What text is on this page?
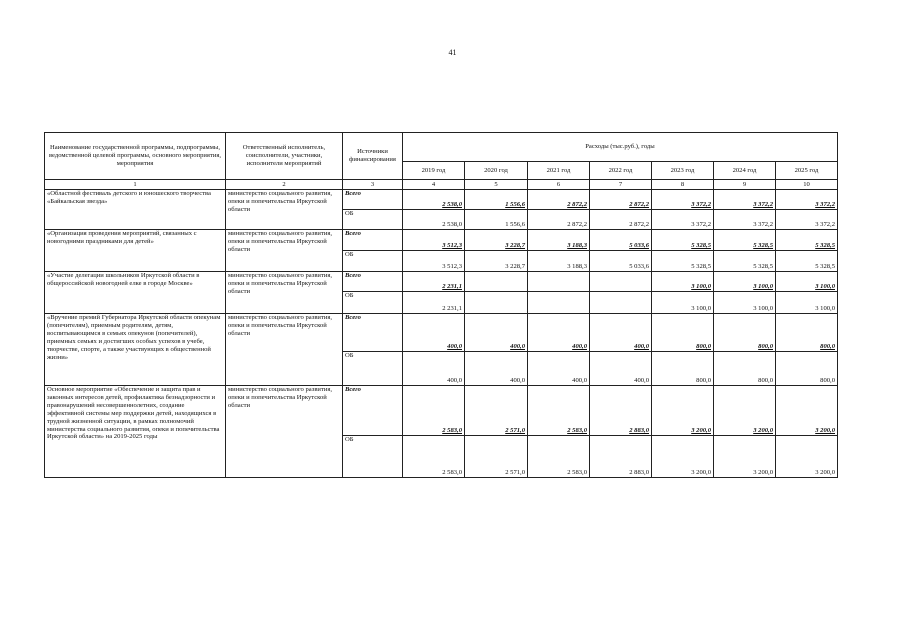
41
Наименование государственной программы, подпрограммы, ведомственной целевой программы, основного мероприятия, мероприятия	Ответственный исполнитель, соисполнители, участники, исполнители мероприятий	Источники финансирования	Расходы (тыс.руб.), годы						
			2019 год	2020 год	2021 год	2022 год	2023 год	2024 год	2025 год
1	2	3	4	5	6	7	8	9	10
«Областной фестиваль детского и юношеского творчества «Байкальская звезда»	министерство социального развития, опеки и попечительства Иркутской области	Всего	2 538,0	1 556,6	2 872,2	2 872,2	3 372,2	3 372,2	3 372,2
		ОБ	2 538,0	1 556,6	2 872,2	2 872,2	3 372,2	3 372,2	3 372,2
«Организация проведения мероприятий, связанных с новогодними праздниками для детей»	министерство социального развития, опеки и попечительства Иркутской области	Всего	3 512,3	3 228,7	3 188,3	5 033,6	5 328,5	5 328,5	5 328,5
		ОБ	3 512,3	3 228,7	3 188,3	5 033,6	5 328,5	5 328,5	5 328,5
«Участие делегации школьников Иркутской области в общероссийской новогодней елке в городе Москве»	министерство социального развития, опеки и попечительства Иркутской области	Всего	2 231,1				3 100,0	3 100,0	3 100,0
		ОБ	2 231,1				3 100,0	3 100,0	3 100,0
«Вручение премий Губернатора Иркутской области опекунам (попечителям), приемным родителям, детям, воспитывающимся в семьях опекунов (попечителей), приемных семьях и достигших особых успехов в учебе, творчестве, спорте, а также участвующих в общественной жизни»	министерство социального развития, опеки и попечительства Иркутской области	Всего	400,0	400,0	400,0	400,0	800,0	800,0	800,0
		ОБ	400,0	400,0	400,0	400,0	800,0	800,0	800,0
Основное мероприятие «Обеспечение и защита прав и законных интересов детей, профилактика безнадзорности и правонарушений несовершеннолетних, создание эффективной системы мер поддержки детей, находящихся в трудной жизненной ситуации, в рамках полномочий министерства социального развития, опеки и попечительства Иркутской области» на 2019-2025 годы	министерство социального развития, опеки и попечительства Иркутской области	Всего	2 583,0	2 571,0	2 583,0	2 883,0	3 200,0	3 200,0	3 200,0
		ОБ	2 583,0	2 571,0	2 583,0	2 883,0	3 200,0	3 200,0	3 200,0
